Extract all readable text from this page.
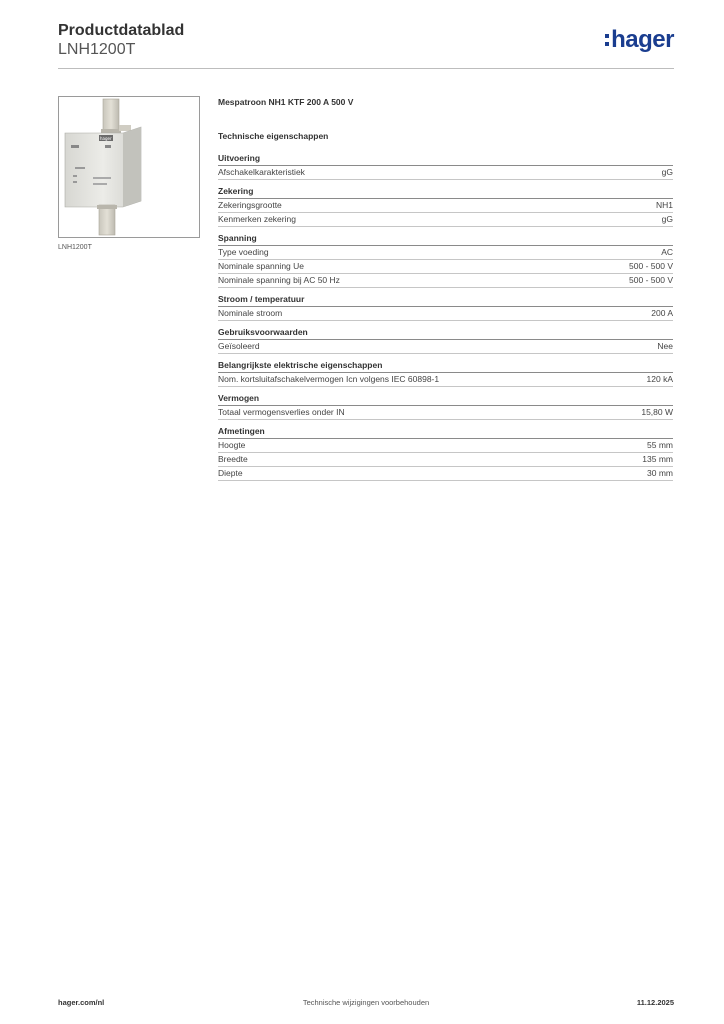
Productdatablad
LNH1200T	hager
hager
LNH1200T
Mespatroon NH1 KTF 200 A 500 V
Technische eigenschappen
Uitvoering
Afschakelkarakteristiek	gG
Zekering
Zekeringsgrootte	NH1
Kenmerken zekering	gG
Spanning
Type voeding	AC
Nominale spanning Ue	500 - 500 V
Nominale spanning bij AC 50 Hz	500 - 500 V
Stroom / temperatuur
Nominale stroom	200 A
Gebruiksvoorwaarden
Geïsoleerd	Nee
Belangrijkste elektrische eigenschappen
Nom. kortsluitafschakelvermogen Icn volgens IEC 60898-1	120 kA
Vermogen
Totaal vermogensverlies onder IN	15,80 W
Afmetingen
Hoogte	55 mm
Breedte	135 mm
Diepte	30 mm
Technische wijzigingen voorbehouden
hager.com/nl	11.12.2025
